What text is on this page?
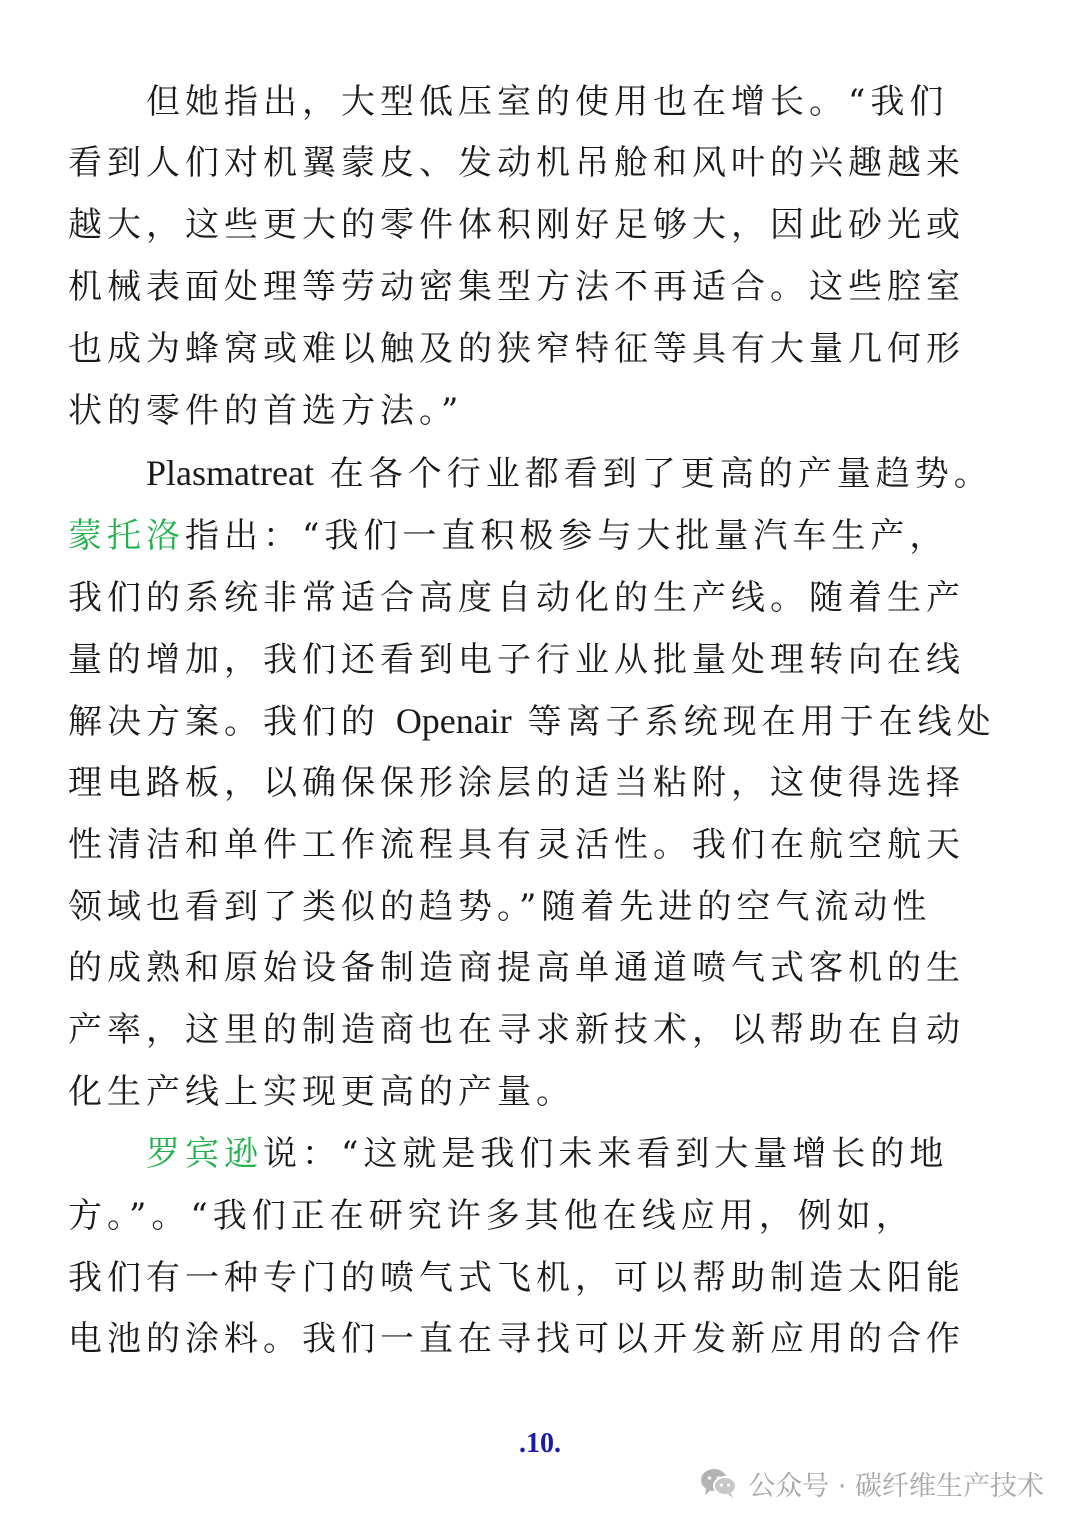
但她指出，大型低压室的使用也在增长。“我们
看到人们对机翼蒙皮、发动机吊舱和风叶的兴趣越来
越大，这些更大的零件体积刚好足够大，因此砂光或
机械表面处理等劳动密集型方法不再适合。这些腔室
也成为蜂窝或难以触及的狭窄特征等具有大量几何形
状的零件的首选方法。”
Plasmatreat 在各个行业都看到了更高的产量趋势。
蒙托洛指出：“我们一直积极参与大批量汽车生产，
我们的系统非常适合高度自动化的生产线。随着生产
量的增加，我们还看到电子行业从批量处理转向在线
解决方案。我们的 Openair 等离子系统现在用于在线处
理电路板，以确保保形涂层的适当粘附，这使得选择
性清洁和单件工作流程具有灵活性。我们在航空航天
领域也看到了类似的趋势。”随着先进的空气流动性
的成熟和原始设备制造商提高单通道喷气式客机的生
产率，这里的制造商也在寻求新技术，以帮助在自动
化生产线上实现更高的产量。
罗宾逊说：“这就是我们未来看到大量增长的地
方。”。“我们正在研究许多其他在线应用，例如，
我们有一种专门的喷气式飞机，可以帮助制造太阳能
电池的涂料。我们一直在寻找可以开发新应用的合作
.10.
公众号 · 碳纤维生产技术
